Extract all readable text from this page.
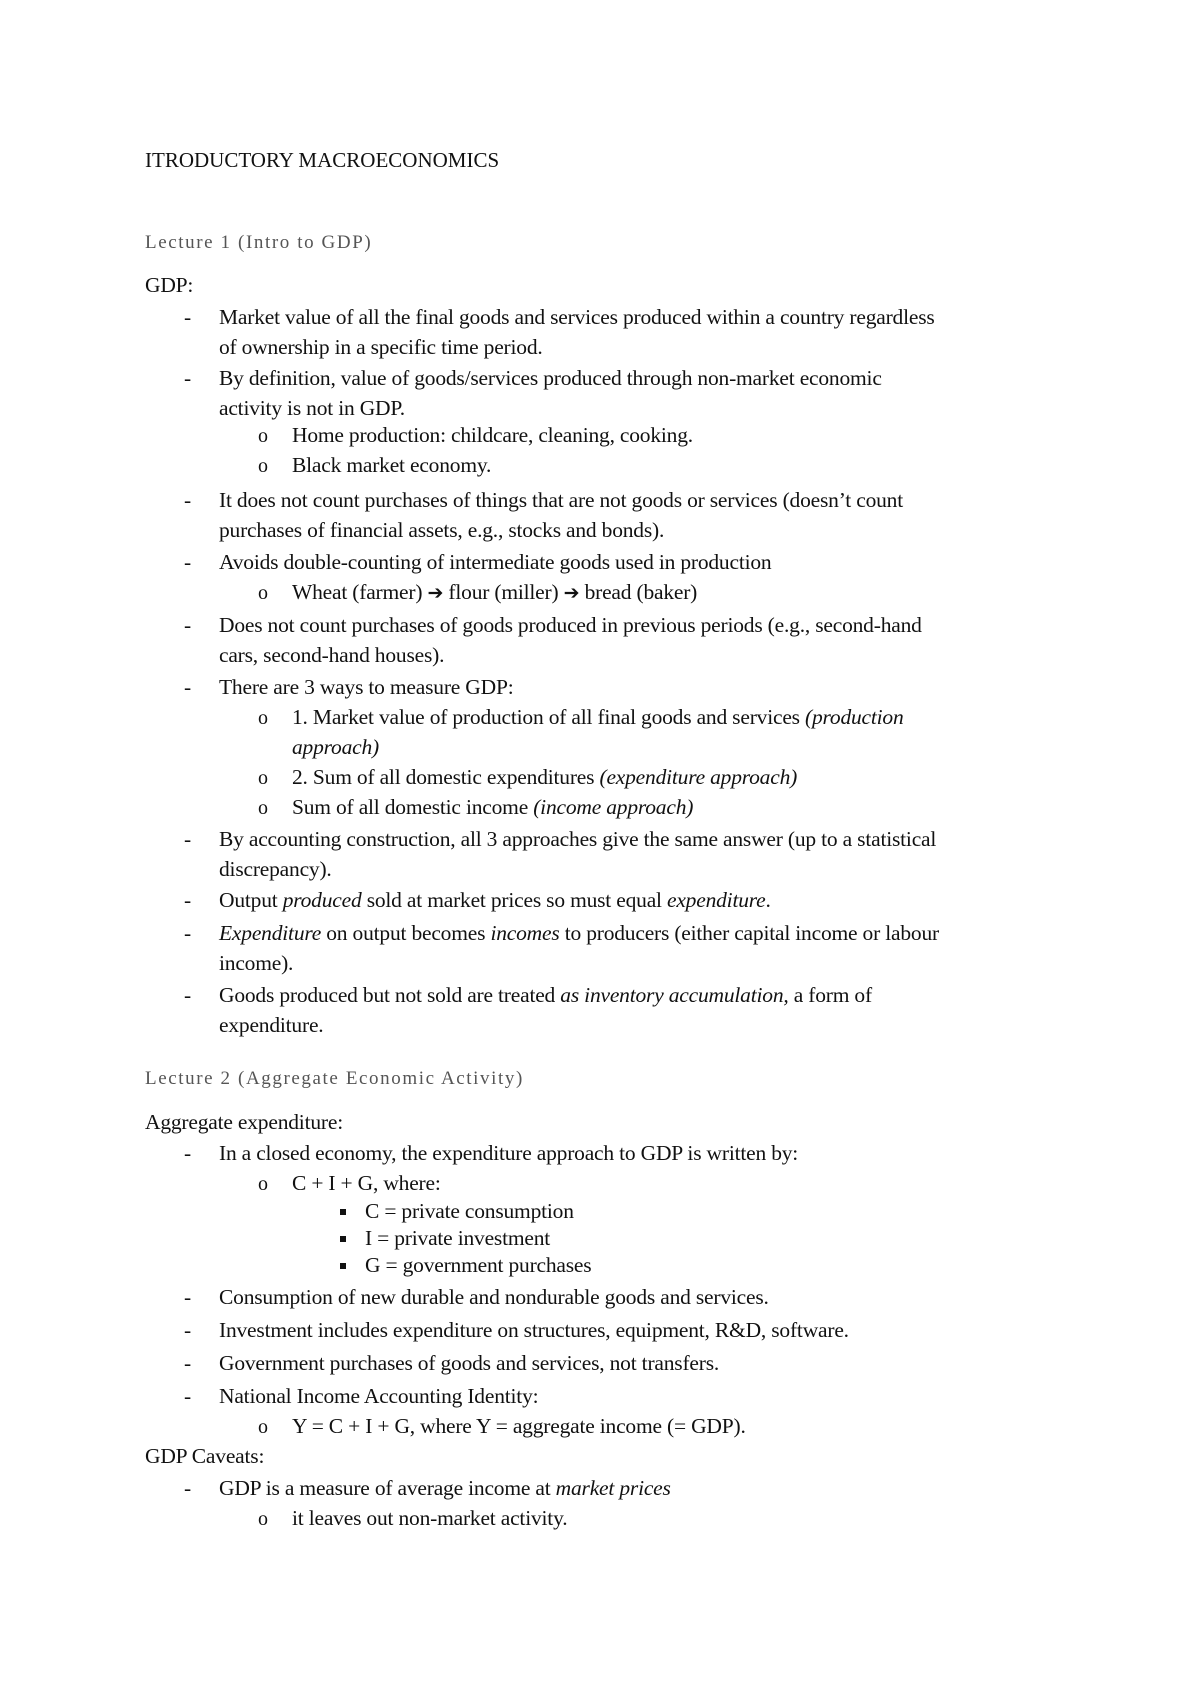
ITRODUCTORY MACROECONOMICS
Lecture 1 (Intro to GDP)
GDP:
- Market value of all the final goods and services produced within a country regardless
of ownership in a specific time period.
- By definition, value of goods/services produced through non-market economic
activity is not in GDP.
o Home production: childcare, cleaning, cooking.
o Black market economy.
- It does not count purchases of things that are not goods or services (doesn’t count
purchases of financial assets, e.g., stocks and bonds).
- Avoids double-counting of intermediate goods used in production
o Wheat (farmer) ➔ flour (miller) ➔ bread (baker)
- Does not count purchases of goods produced in previous periods (e.g., second-hand
cars, second-hand houses).
- There are 3 ways to measure GDP:
o 1. Market value of production of all final goods and services (production
approach)
o 2. Sum of all domestic expenditures (expenditure approach)
o Sum of all domestic income (income approach)
- By accounting construction, all 3 approaches give the same answer (up to a statistical
discrepancy).
- Output produced sold at market prices so must equal expenditure.
- Expenditure on output becomes incomes to producers (either capital income or labour
income).
- Goods produced but not sold are treated as inventory accumulation, a form of
expenditure.
Lecture 2 (Aggregate Economic Activity)
Aggregate expenditure:
- In a closed economy, the expenditure approach to GDP is written by:
o C + I + G, where:
C = private consumption
I = private investment
G = government purchases
- Consumption of new durable and nondurable goods and services.
- Investment includes expenditure on structures, equipment, R&D, software.
- Government purchases of goods and services, not transfers.
- National Income Accounting Identity:
o Y = C + I + G, where Y = aggregate income (= GDP).
GDP Caveats:
- GDP is a measure of average income at market prices
o it leaves out non-market activity.
